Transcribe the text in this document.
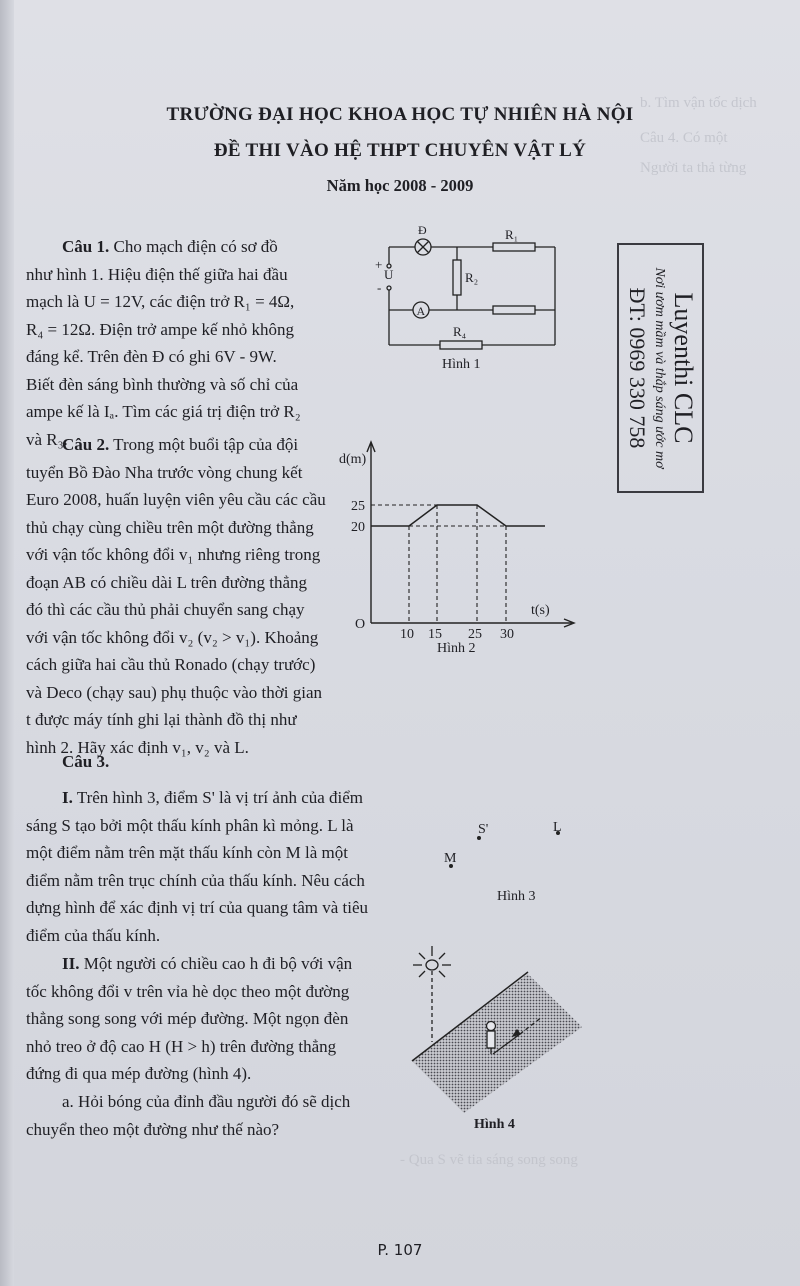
b. Tìm vận tốc dịch
Câu 4. Có một
Người ta thả từng
- Qua S vẽ tia sáng song song
TRƯỜNG ĐẠI HỌC KHOA HỌC TỰ NHIÊN HÀ NỘI
ĐỀ THI VÀO HỆ THPT CHUYÊN VẬT LÝ
Năm học 2008 - 2009
Câu 1. Cho mạch điện có sơ đồ
như hình 1. Hiệu điện thế giữa hai đầu
mạch là U = 12V, các điện trở R₁ = 4Ω,
R₄ = 12Ω. Điện trở ampe kế nhỏ không
đáng kể. Trên đèn Đ có ghi 6V - 9W.
Biết đèn sáng bình thường và số chỉ của
ampe kế là Iₐ. Tìm các giá trị điện trở R₂
và R₃.
Đ	R₁
R₂
R₄
+
U
-
A
Hình 1	Luyenthi CLC
Nơi ươm mầm và thắp sáng ước mơ
ĐT: 0969 330 758
Câu 2. Trong một buổi tập của đội
tuyển Bồ Đào Nha trước vòng chung kết
Euro 2008, huấn luyện viên yêu cầu các cầu
thủ chạy cùng chiều trên một đường thẳng
với vận tốc không đổi v₁ nhưng riêng trong
đoạn AB có chiều dài L trên đường thẳng
đó thì các cầu thủ phải chuyển sang chạy
với vận tốc không đổi v₂ (v₂ > v₁). Khoảng
cách giữa hai cầu thủ Ronado (chạy trước)
và Deco (chạy sau) phụ thuộc vào thời gian
t được máy tính ghi lại thành đồ thị như
hình 2. Hãy xác định v₁, v₂ và L.
d(m)
t(s)
O
20
25
10 15 25 30
Hình 2
Câu 3.
I. Trên hình 3, điểm S' là vị trí ảnh của điểm
sáng S tạo bởi một thấu kính phân kì mỏng. L là
một điểm nằm trên mặt thấu kính còn M là một
điểm nằm trên trục chính của thấu kính. Nêu cách
dựng hình để xác định vị trí của quang tâm và tiêu
điểm của thấu kính.
S'	L
M
Hình 3
II. Một người có chiều cao h đi bộ với vận
tốc không đổi v trên vỉa hè dọc theo một đường
thẳng song song với mép đường. Một ngọn đèn
nhỏ treo ở độ cao H (H > h) trên đường thẳng
đứng đi qua mép đường (hình 4).
a. Hỏi bóng của đỉnh đầu người đó sẽ dịch
chuyển theo một đường như thế nào?	Hình 4
P. 107
